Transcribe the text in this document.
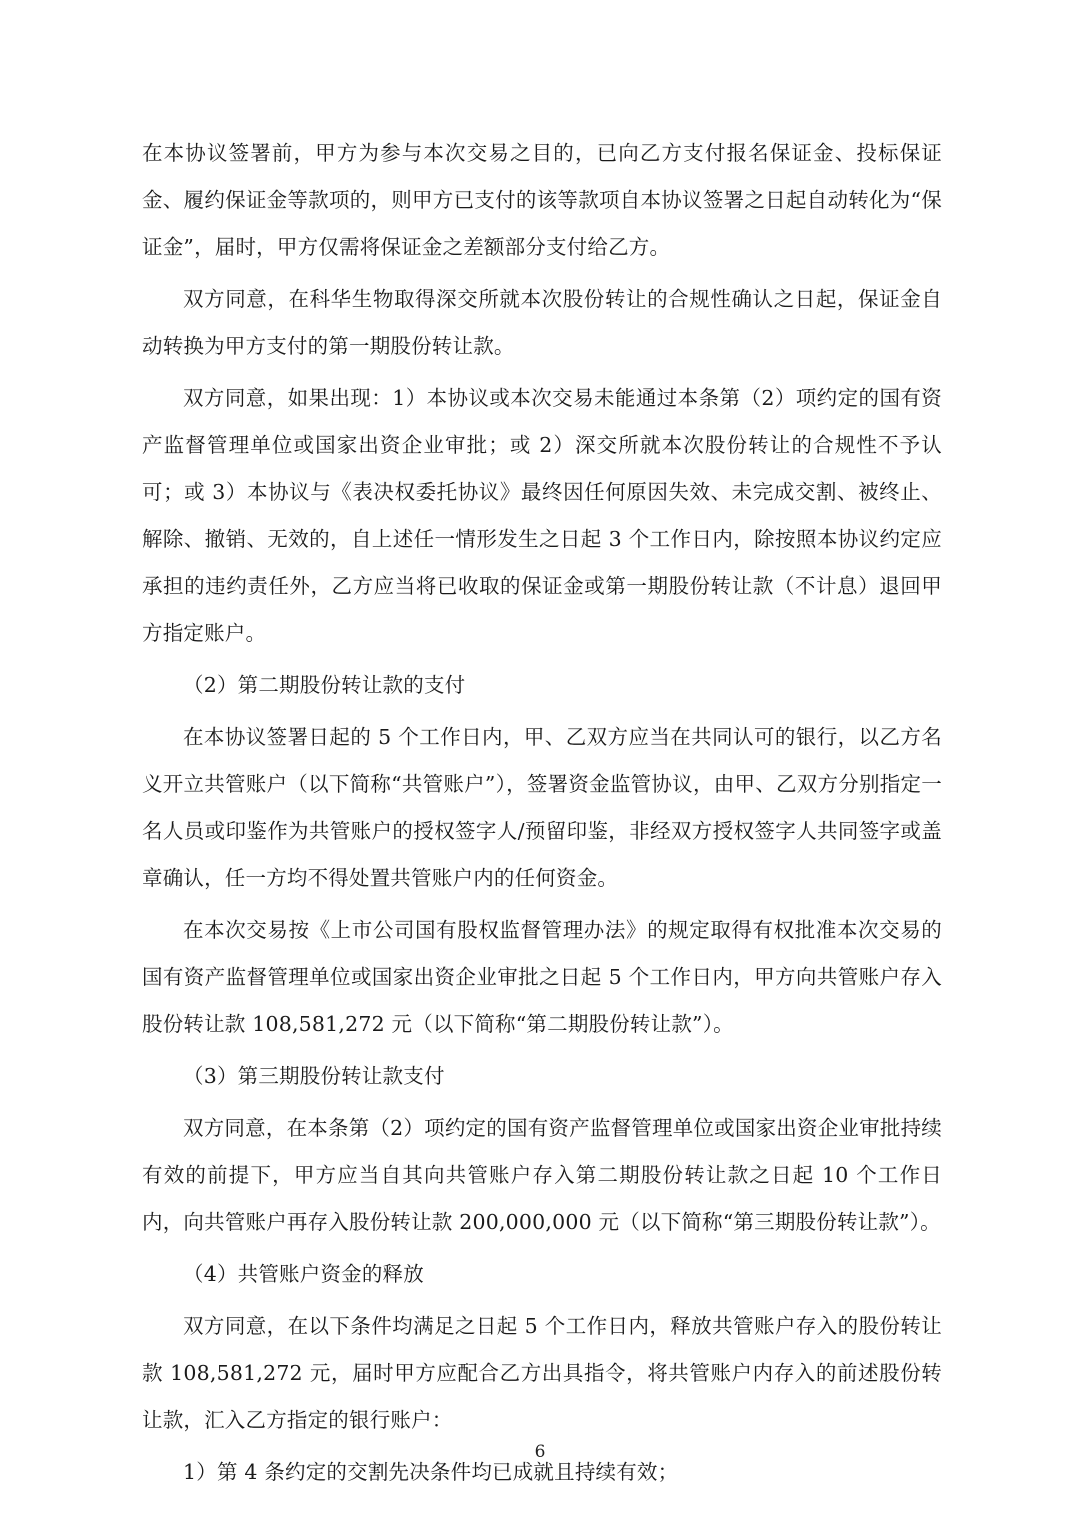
在本协议签署前，甲方为参与本次交易之目的，已向乙方支付报名保证金、投标保证金、履约保证金等款项的，则甲方已支付的该等款项自本协议签署之日起自动转化为“保证金”，届时，甲方仅需将保证金之差额部分支付给乙方。

双方同意，在科华生物取得深交所就本次股份转让的合规性确认之日起，保证金自动转换为甲方支付的第一期股份转让款。

双方同意，如果出现：1）本协议或本次交易未能通过本条第（2）项约定的国有资产监督管理单位或国家出资企业审批；或 2）深交所就本次股份转让的合规性不予认可；或 3）本协议与《表决权委托协议》最终因任何原因失效、未完成交割、被终止、解除、撤销、无效的，自上述任一情形发生之日起 3 个工作日内，除按照本协议约定应承担的违约责任外，乙方应当将已收取的保证金或第一期股份转让款（不计息）退回甲方指定账户。

（2）第二期股份转让款的支付

在本协议签署日起的 5 个工作日内，甲、乙双方应当在共同认可的银行，以乙方名义开立共管账户（以下简称“共管账户”），签署资金监管协议，由甲、乙双方分别指定一名人员或印鉴作为共管账户的授权签字人/预留印鉴，非经双方授权签字人共同签字或盖章确认，任一方均不得处置共管账户内的任何资金。

在本次交易按《上市公司国有股权监督管理办法》的规定取得有权批准本次交易的国有资产监督管理单位或国家出资企业审批之日起 5 个工作日内，甲方向共管账户存入股份转让款 108,581,272 元（以下简称“第二期股份转让款”）。

（3）第三期股份转让款支付

双方同意，在本条第（2）项约定的国有资产监督管理单位或国家出资企业审批持续有效的前提下，甲方应当自其向共管账户存入第二期股份转让款之日起 10 个工作日内，向共管账户再存入股份转让款 200,000,000 元（以下简称“第三期股份转让款”）。

（4）共管账户资金的释放

双方同意，在以下条件均满足之日起 5 个工作日内，释放共管账户存入的股份转让款 108,581,272 元，届时甲方应配合乙方出具指令，将共管账户内存入的前述股份转让款，汇入乙方指定的银行账户：

1）第 4 条约定的交割先决条件均已成就且持续有效；

6
